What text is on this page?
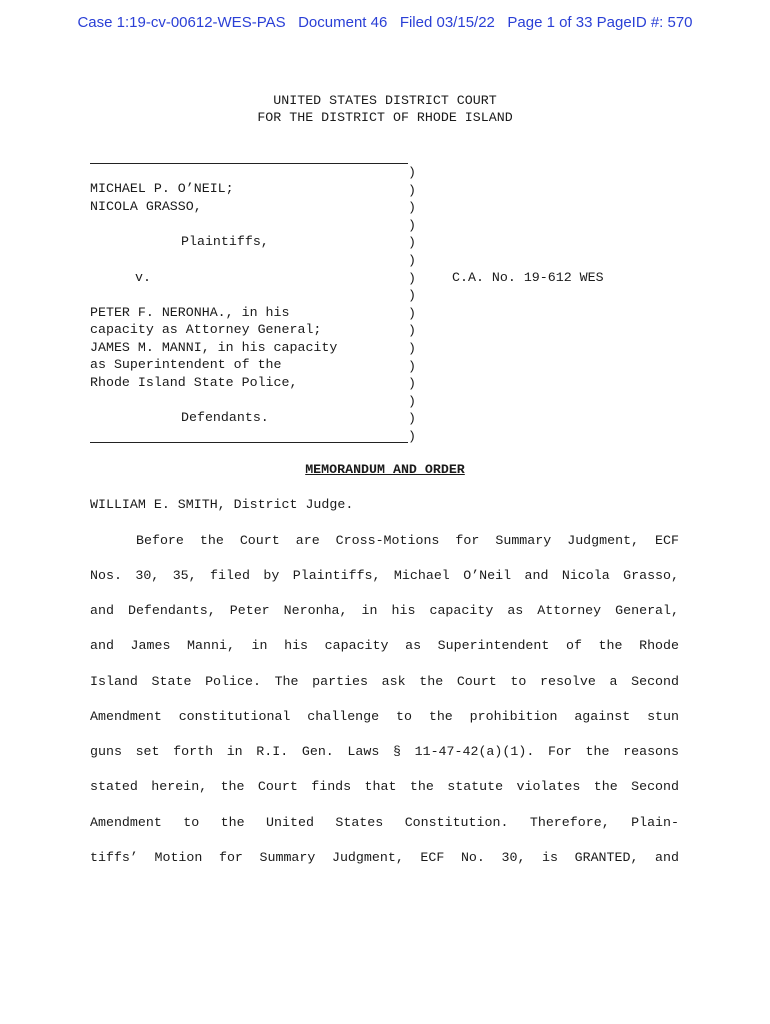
Case 1:19-cv-00612-WES-PAS   Document 46   Filed 03/15/22   Page 1 of 33 PageID #: 570
UNITED STATES DISTRICT COURT
FOR THE DISTRICT OF RHODE ISLAND
)
)
)
)
)
)
)
)
)
)
)
)
)
)
)
)
MICHAEL P. O’NEIL;
NICOLA GRASSO,
Plaintiffs,
v.
PETER F. NERONHA., in his
capacity as Attorney General;
JAMES M. MANNI, in his capacity
as Superintendent of the
Rhode Island State Police,
Defendants.
C.A. No. 19-612 WES
MEMORANDUM AND ORDER
WILLIAM E. SMITH, District Judge.
Before the Court are Cross-Motions for Summary Judgment, ECF
Nos. 30, 35, filed by Plaintiffs, Michael O’Neil and Nicola Grasso,
and Defendants, Peter Neronha, in his capacity as Attorney General,
and James Manni, in his capacity as Superintendent of the Rhode
Island State Police. The parties ask the Court to resolve a Second
Amendment constitutional challenge to the prohibition against stun
guns set forth in R.I. Gen. Laws § 11-47-42(a)(1). For the reasons
stated herein, the Court finds that the statute violates the Second
Amendment to the United States Constitution. Therefore, Plain-
tiffs’ Motion for Summary Judgment, ECF No. 30, is GRANTED, and
